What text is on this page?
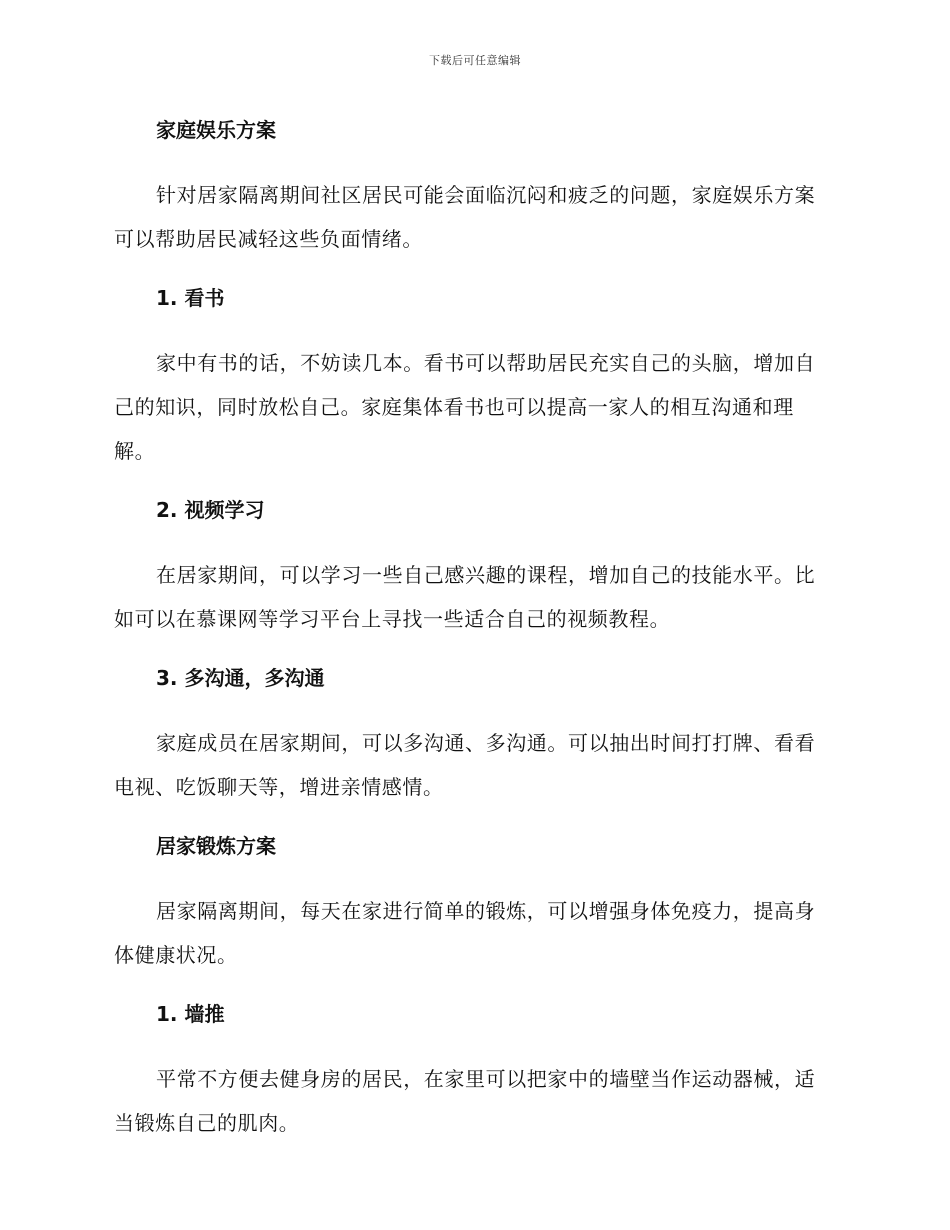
下载后可任意编辑
家庭娱乐方案

针对居家隔离期间社区居民可能会面临沉闷和疲乏的问题，家庭娱乐方案可以帮助居民减轻这些负面情绪。

1. 看书

家中有书的话，不妨读几本。看书可以帮助居民充实自己的头脑，增加自己的知识，同时放松自己。家庭集体看书也可以提高一家人的相互沟通和理解。

2. 视频学习

在居家期间，可以学习一些自己感兴趣的课程，增加自己的技能水平。比如可以在慕课网等学习平台上寻找一些适合自己的视频教程。

3. 多沟通，多沟通

家庭成员在居家期间，可以多沟通、多沟通。可以抽出时间打打牌、看看电视、吃饭聊天等，增进亲情感情。

居家锻炼方案

居家隔离期间，每天在家进行简单的锻炼，可以增强身体免疫力，提高身体健康状况。

1. 墙推

平常不方便去健身房的居民，在家里可以把家中的墙壁当作运动器械，适当锻炼自己的肌肉。
